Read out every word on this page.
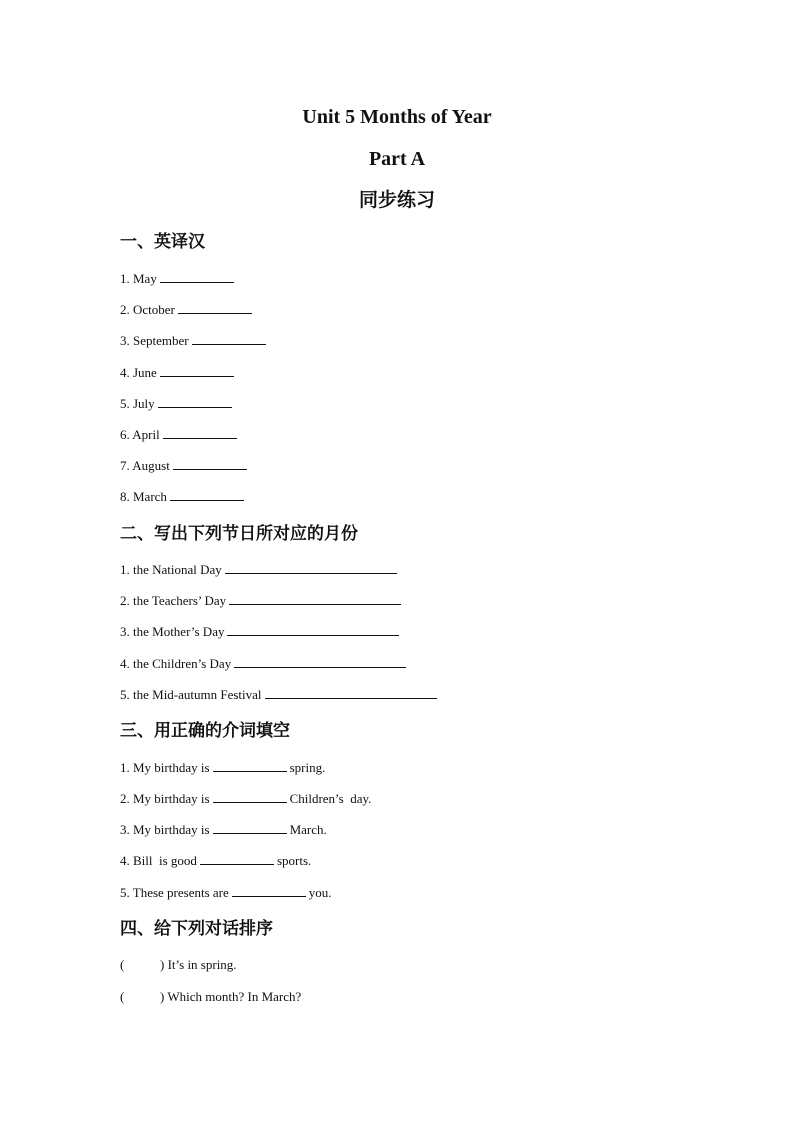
Unit 5 Months of Year
Part A
同步练习
一、英译汉
1. May
2. October
3. September
4. June
5. July
6. April
7. August
8. March
二、写出下列节日所对应的月份
1. the National Day
2. the Teachers’ Day
3. the Mother’s Day
4. the Children’s Day
5. the Mid-autumn Festival
三、用正确的介词填空
1. My birthday is	spring.
2. My birthday is	Children’s  day.
3. My birthday is	March.
4. Bill  is good	sports.
5. These presents are	you.
四、给下列对话排序
(	) It’s in spring.
(	) Which month? In March?
